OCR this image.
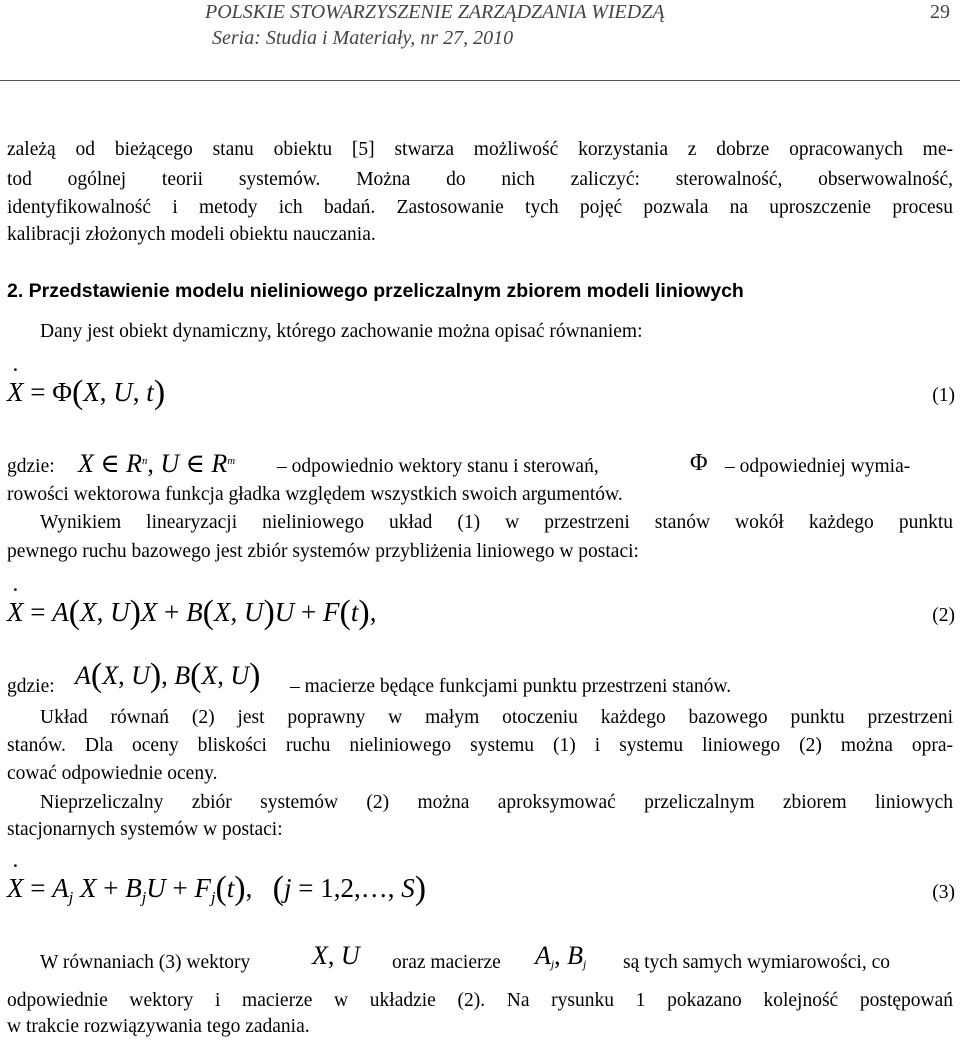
POLSKIE STOWARZYSZENIE ZARZĄDZANIA WIEDZĄ
Seria: Studia i Materiały, nr 27, 2010
29
zależą od bieżącego stanu obiektu [5] stwarza możliwość korzystania z dobrze opracowanych me-
tod ogólnej teorii systemów. Można do nich zaliczyć: sterowalność, obserwowalność,
identyfikowalność i metody ich badań. Zastosowanie tych pojęć pozwala na uproszczenie procesu
kalibracji złożonych modeli obiektu nauczania.
2. Przedstawienie modelu nieliniowego przeliczalnym zbiorem modeli liniowych
Dany jest obiekt dynamiczny, którego zachowanie można opisać równaniem:
˙ X = Φ(X, U, t)	(1)
gdzie: X ∈ $R^n$, U ∈ $R^m$ – odpowiednio wektory stanu i sterowań,	Φ – odpowiedniej wymia-
rowości wektorowa funkcja gładka względem wszystkich swoich argumentów.
Wynikiem linearyzacji nieliniowego układ (1) w przestrzeni stanów wokół każdego punktu
pewnego ruchu bazowego jest zbiór systemów przybliżenia liniowego w postaci:
˙ X = A(X, U)X + B(X, U)U + F(t),	(2)
gdzie: A(X, U), B(X, U) – macierze będące funkcjami punktu przestrzeni stanów.
Układ równań (2) jest poprawny w małym otoczeniu każdego bazowego punktu przestrzeni
stanów. Dla oceny bliskości ruchu nieliniowego systemu (1) i systemu liniowego (2) można opra-
cować odpowiednie oceny.
Nieprzeliczalny zbiór systemów (2) można aproksymować przeliczalnym zbiorem liniowych
stacjonarnych systemów w postaci:
˙ $X = A_j$ $X + B_jU + F_j(t)$,   (j = 1,2,…, S)	(3)
W równaniach (3) wektory X, U oraz macierze $A_j$, $B_j$ są tych samych wymiarowości, co
odpowiednie wektory i macierze w układzie (2). Na rysunku 1 pokazano kolejność postępowań
w trakcie rozwiązywania tego zadania.
